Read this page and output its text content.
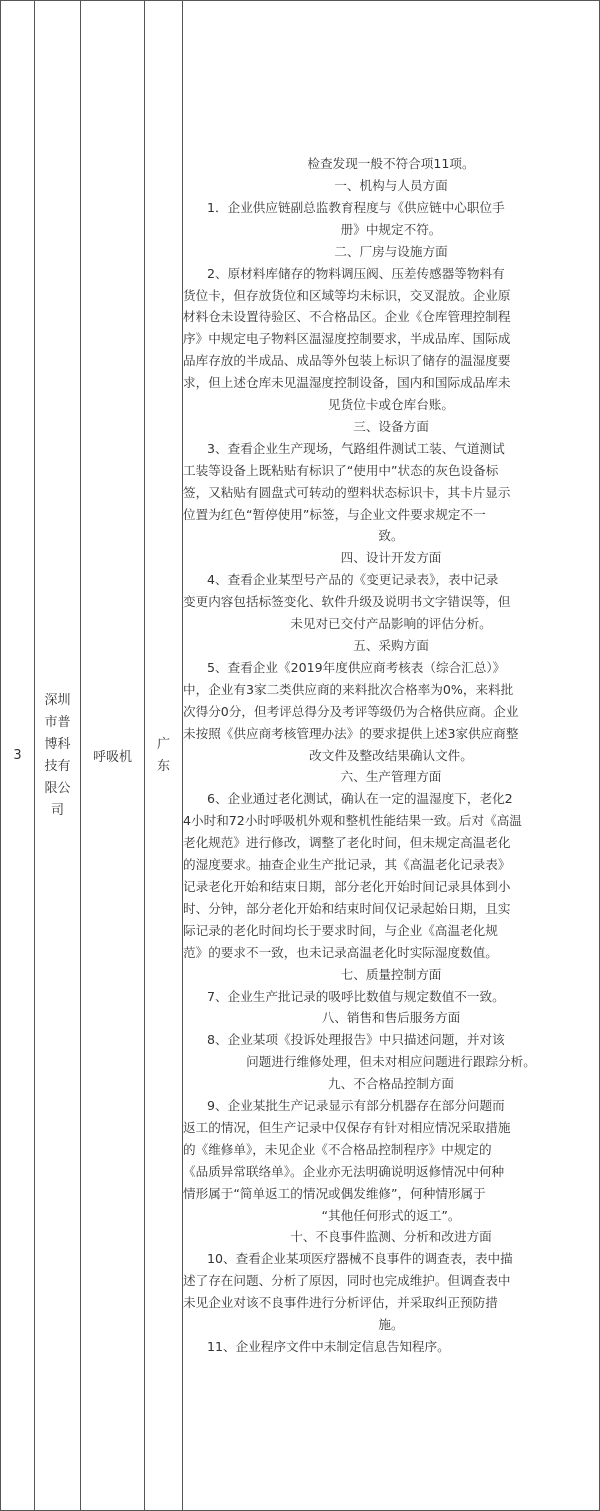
3	深圳市普博科技有限公司	呼吸机	广东	
检查发现一般不符合项11项。
一、机构与人员方面
1．企业供应链副总监教育程度与《供应链中心职位手
册》中规定不符。
二、厂房与设施方面
2、原材料库储存的物料调压阀、压差传感器等物料有
货位卡，但存放货位和区域等均未标识，交叉混放。企业原
材料仓未设置待验区、不合格品区。企业《仓库管理控制程
序》中规定电子物料区温湿度控制要求，半成品库、国际成
品库存放的半成品、成品等外包装上标识了储存的温湿度要
求，但上述仓库未见温湿度控制设备，国内和国际成品库未
见货位卡或仓库台账。
三、设备方面
3、查看企业生产现场，气路组件测试工装、气道测试
工装等设备上既粘贴有标识了“使用中”状态的灰色设备标
签，又粘贴有圆盘式可转动的塑料状态标识卡，其卡片显示
位置为红色“暂停使用”标签，与企业文件要求规定不一
致。
四、设计开发方面
4、查看企业某型号产品的《变更记录表》，表中记录
变更内容包括标签变化、软件升级及说明书文字错误等，但
未见对已交付产品影响的评估分析。
五、采购方面
5、查看企业《2019年度供应商考核表（综合汇总）》
中，企业有3家二类供应商的来料批次合格率为0%，来料批
次得分0分，但考评总得分及考评等级仍为合格供应商。企业
未按照《供应商考核管理办法》的要求提供上述3家供应商整
改文件及整改结果确认文件。
六、生产管理方面
6、企业通过老化测试，确认在一定的温湿度下，老化2
4小时和72小时呼吸机外观和整机性能结果一致。后对《高温
老化规范》进行修改，调整了老化时间，但未规定高温老化
的湿度要求。抽查企业生产批记录，其《高温老化记录表》
记录老化开始和结束日期，部分老化开始时间记录具体到小
时、分钟，部分老化开始和结束时间仅记录起始日期，且实
际记录的老化时间均长于要求时间，与企业《高温老化规
范》的要求不一致，也未记录高温老化时实际湿度数值。
七、质量控制方面
7、企业生产批记录的吸呼比数值与规定数值不一致。
八、销售和售后服务方面
8、企业某项《投诉处理报告》中只描述问题，并对该
问题进行维修处理，但未对相应问题进行跟踪分析。
九、不合格品控制方面
9、企业某批生产记录显示有部分机器存在部分问题而
返工的情况，但生产记录中仅保存有针对相应情况采取措施
的《维修单》，未见企业《不合格品控制程序》中规定的
《品质异常联络单》。企业亦无法明确说明返修情况中何种
情形属于“简单返工的情况或偶发维修”，何种情形属于
“其他任何形式的返工”。
十、不良事件监测、分析和改进方面
10、查看企业某项医疗器械不良事件的调查表，表中描
述了存在问题、分析了原因，同时也完成维护。但调查表中
未见企业对该不良事件进行分析评估，并采取纠正预防措
施。
11、企业程序文件中未制定信息告知程序。
